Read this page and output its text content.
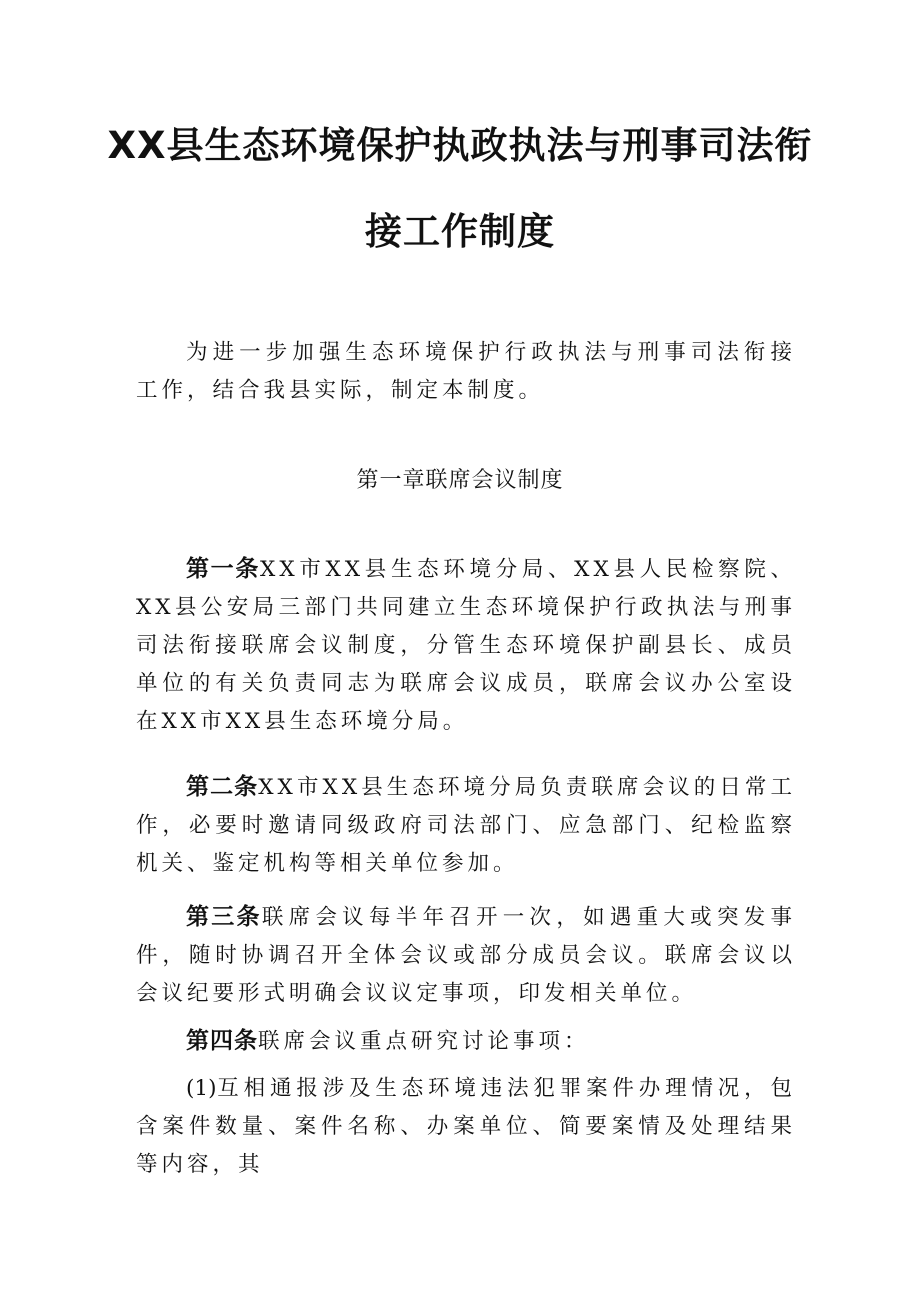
XX县生态环境保护执政执法与刑事司法衔
接工作制度

为进一步加强生态环境保护行政执法与刑事司法衔接工作，结合我县实际，制定本制度。

第一章联席会议制度

第一条XX市XX县生态环境分局、XX县人民检察院、XX县公安局三部门共同建立生态环境保护行政执法与刑事司法衔接联席会议制度，分管生态环境保护副县长、成员单位的有关负责同志为联席会议成员，联席会议办公室设在XX市XX县生态环境分局。

第二条XX市XX县生态环境分局负责联席会议的日常工作，必要时邀请同级政府司法部门、应急部门、纪检监察机关、鉴定机构等相关单位参加。

第三条联席会议每半年召开一次，如遇重大或突发事件，随时协调召开全体会议或部分成员会议。联席会议以会议纪要形式明确会议议定事项，印发相关单位。

第四条联席会议重点研究讨论事项：

(1)互相通报涉及生态环境违法犯罪案件办理情况，包含案件数量、案件名称、办案单位、简要案情及处理结果等内容，其
